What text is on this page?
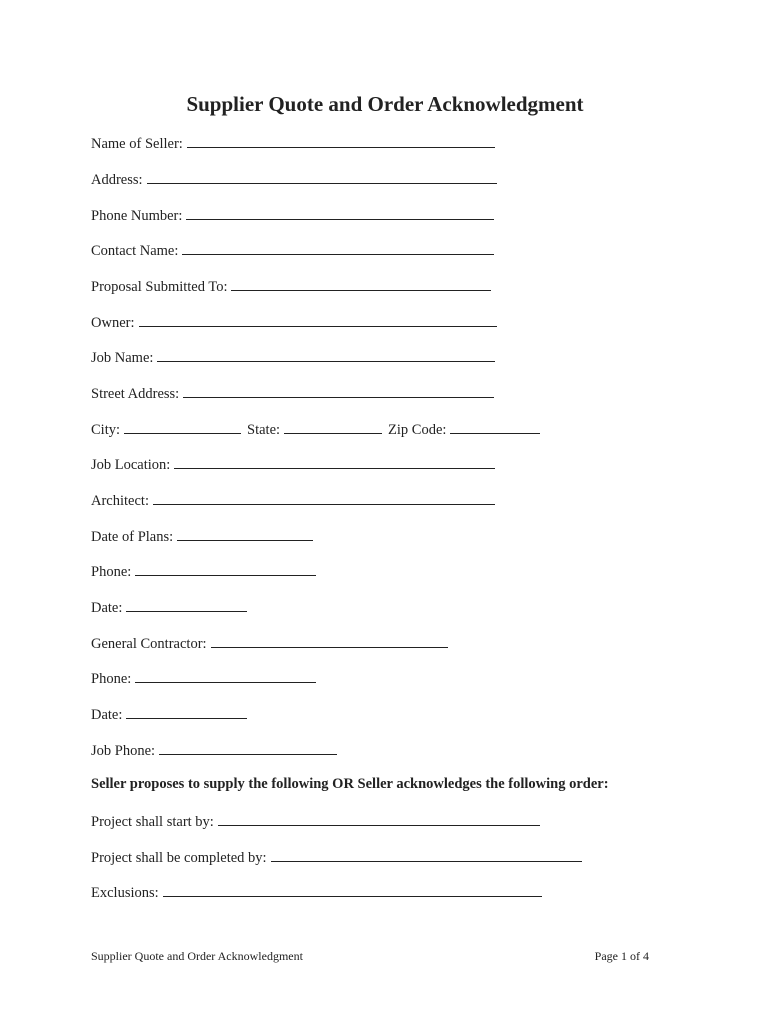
Supplier Quote and Order Acknowledgment
Name of Seller:
Address:
Phone Number:
Contact Name:
Proposal Submitted To:
Owner:
Job Name:
Street Address:
City:	State:	Zip Code:
Job Location:
Architect:
Date of Plans:
Phone:
Date:
General Contractor:
Phone:
Date:
Job Phone:
Seller proposes to supply the following OR Seller acknowledges the following order:
Project shall start by:
Project shall be completed by:
Exclusions:
Supplier Quote and Order Acknowledgment	Page 1 of 4
